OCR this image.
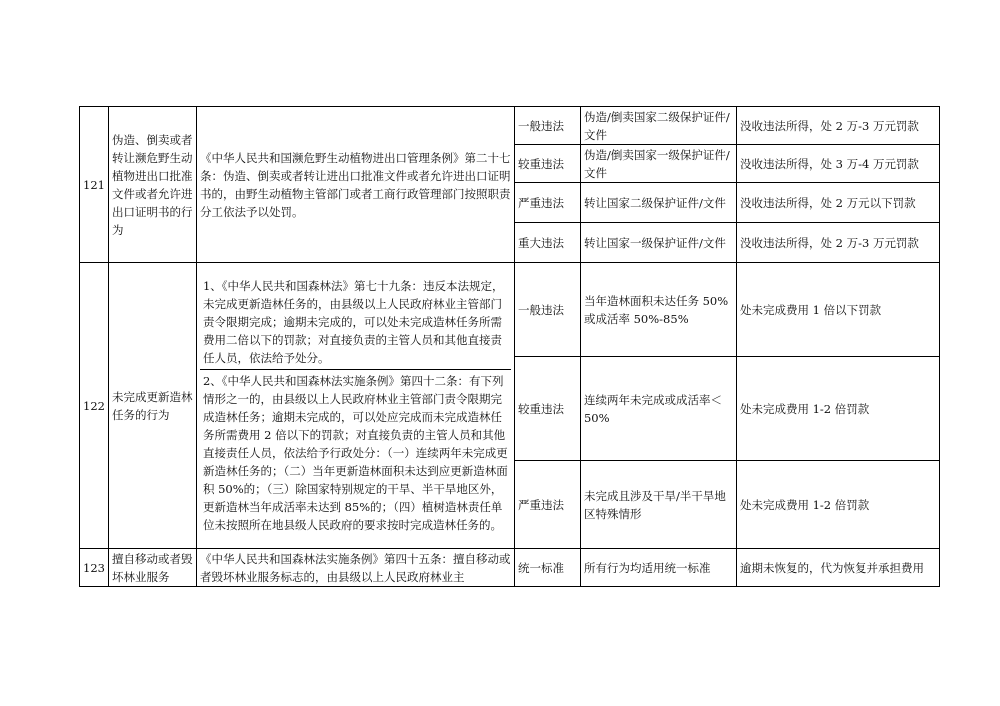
121	伪造、倒卖或者转让濒危野生动植物进出口批准文件或者允许进出口证明书的行为	《中华人民共和国濒危野生动植物进出口管理条例》第二十七条：伪造、倒卖或者转让进出口批准文件或者允许进出口证明书的，由野生动植物主管部门或者工商行政管理部门按照职责分工依法予以处罚。	一般违法	伪造/倒卖国家二级保护证件/文件	没收违法所得，处 2 万-3 万元罚款
			较重违法	伪造/倒卖国家一级保护证件/文件	没收违法所得，处 3 万-4 万元罚款
			严重违法	转让国家二级保护证件/文件	没收违法所得，处 2 万元以下罚款
			重大违法	转让国家一级保护证件/文件	没收违法所得，处 2 万-3 万元罚款
122	未完成更新造林任务的行为	1、《中华人民共和国森林法》第七十九条：违反本法规定，未完成更新造林任务的，由县级以上人民政府林业主管部门责令限期完成；逾期未完成的，可以处未完成造林任务所需费用二倍以下的罚款；对直接负责的主管人员和其他直接责任人员，依法给予处分。
2、《中华人民共和国森林法实施条例》第四十二条：有下列情形之一的，由县级以上人民政府林业主管部门责令限期完成造林任务；逾期未完成的，可以处应完成而未完成造林任务所需费用 2 倍以下的罚款；对直接负责的主管人员和其他直接责任人员，依法给予行政处分：（一）连续两年未完成更新造林任务的；（二）当年更新造林面积未达到应更新造林面积 50%的；（三）除国家特别规定的干旱、半干旱地区外，更新造林当年成活率未达到 85%的；（四）植树造林责任单位未按照所在地县级人民政府的要求按时完成造林任务的。	一般违法	当年造林面积未达任务 50%或成活率 50%-85%	处未完成费用 1 倍以下罚款
			较重违法	连续两年未完成或成活率＜50%	处未完成费用 1-2 倍罚款
			严重违法	未完成且涉及干旱/半干旱地区特殊情形	处未完成费用 1-2 倍罚款
123	擅自移动或者毁坏林业服务	《中华人民共和国森林法实施条例》第四十五条：擅自移动或者毁坏林业服务标志的，由县级以上人民政府林业主	统一标准	所有行为均适用统一标准	逾期未恢复的，代为恢复并承担费用
